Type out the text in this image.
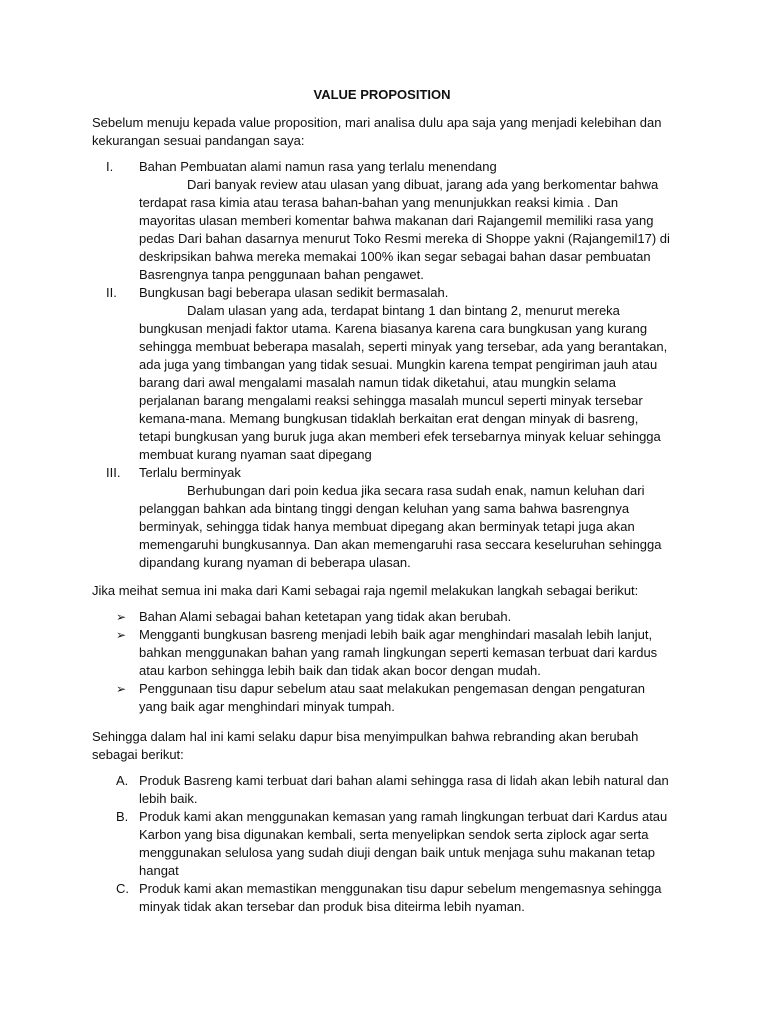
VALUE PROPOSITION

Sebelum menuju kepada value proposition, mari analisa dulu apa saja yang menjadi kelebihan dan kekurangan sesuai pandangan saya:

I. Bahan Pembuatan alami namun rasa yang terlalu menendang

Dari banyak review atau ulasan yang dibuat, jarang ada yang berkomentar bahwa terdapat rasa kimia atau terasa bahan-bahan yang menunjukkan reaksi kimia . Dan mayoritas ulasan memberi komentar bahwa makanan dari Rajangemil memiliki rasa yang pedas Dari bahan dasarnya menurut Toko Resmi mereka di Shoppe yakni (Rajangemil17) di deskripsikan bahwa mereka memakai 100% ikan segar sebagai bahan dasar pembuatan Basrengnya tanpa penggunaan bahan pengawet.

II. Bungkusan bagi beberapa ulasan sedikit bermasalah.

Dalam ulasan yang ada, terdapat bintang 1 dan bintang 2, menurut mereka bungkusan menjadi faktor utama. Karena biasanya karena cara bungkusan yang kurang sehingga membuat beberapa masalah, seperti minyak yang tersebar, ada yang berantakan, ada juga yang timbangan yang tidak sesuai. Mungkin karena tempat pengiriman jauh atau barang dari awal mengalami masalah namun tidak diketahui, atau mungkin selama perjalanan barang mengalami reaksi sehingga masalah muncul seperti minyak tersebar kemana-mana. Memang bungkusan tidaklah berkaitan erat dengan minyak di basreng, tetapi bungkusan yang buruk juga akan memberi efek tersebarnya minyak keluar sehingga membuat kurang nyaman saat dipegang

III. Terlalu berminyak

Berhubungan dari poin kedua jika secara rasa sudah enak, namun keluhan dari pelanggan bahkan ada bintang tinggi dengan keluhan yang sama bahwa basrengnya berminyak, sehingga tidak hanya membuat dipegang akan berminyak tetapi juga akan memengaruhi bungkusannya. Dan akan memengaruhi rasa seccara keseluruhan sehingga dipandang kurang nyaman di beberapa ulasan.

Jika meihat semua ini maka dari Kami sebagai raja ngemil melakukan langkah sebagai berikut:

➢ Bahan Alami sebagai bahan ketetapan yang tidak akan berubah.

➢ Mengganti bungkusan basreng menjadi lebih baik agar menghindari masalah lebih lanjut, bahkan menggunakan bahan yang ramah lingkungan seperti kemasan terbuat dari kardus atau karbon sehingga lebih baik dan tidak akan bocor dengan mudah.

➢ Penggunaan tisu dapur sebelum atau saat melakukan pengemasan dengan pengaturan yang baik agar menghindari minyak tumpah.

Sehingga dalam hal ini kami selaku dapur bisa menyimpulkan bahwa rebranding akan berubah sebagai berikut:

A. Produk Basreng kami terbuat dari bahan alami sehingga rasa di lidah akan lebih natural dan lebih baik.

B. Produk kami akan menggunakan kemasan yang ramah lingkungan terbuat dari Kardus atau Karbon yang bisa digunakan kembali, serta menyelipkan sendok serta ziplock agar serta menggunakan selulosa yang sudah diuji dengan baik untuk menjaga suhu makanan tetap hangat

C. Produk kami akan memastikan menggunakan tisu dapur sebelum mengemasnya sehingga minyak tidak akan tersebar dan produk bisa diteirma lebih nyaman.
